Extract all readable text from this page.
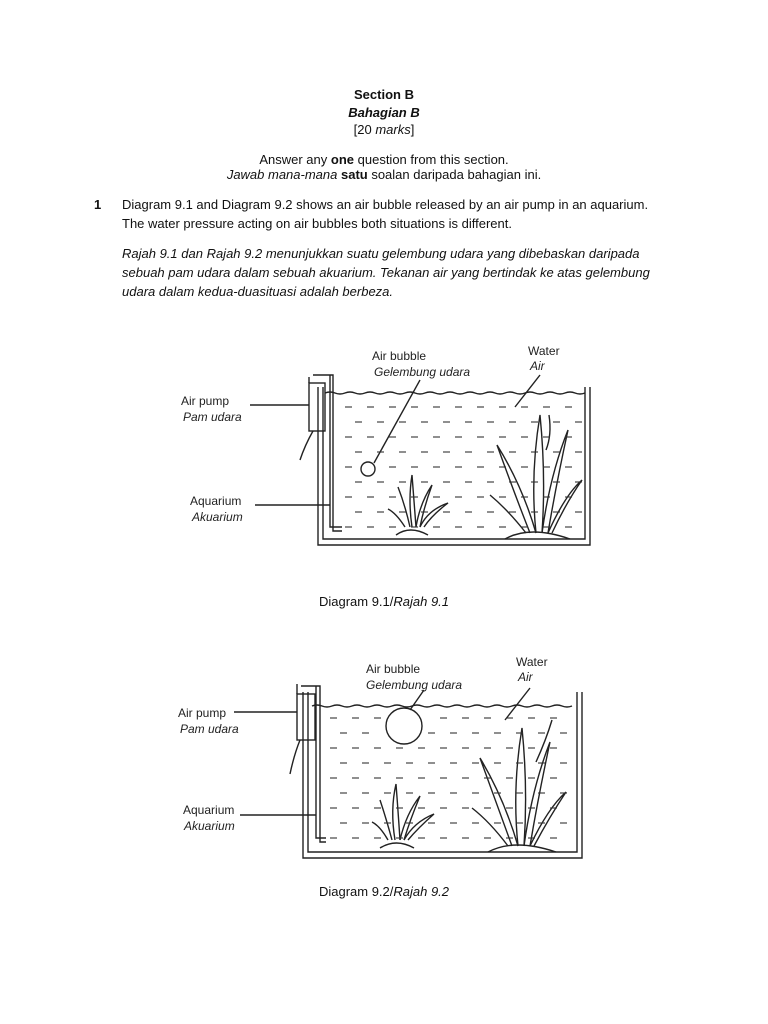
Section B
Bahagian B
[20 marks]
Answer any one question from this section.
Jawab mana-mana satu soalan daripada bahagian ini.
1 Diagram 9.1 and Diagram 9.2 shows an air bubble released by an air pump in an aquarium. The water pressure acting on air bubbles both situations is different.
Rajah 9.1 dan Rajah 9.2 menunjukkan suatu gelembung udara yang dibebaskan daripada sebuah pam udara dalam sebuah akuarium. Tekanan air yang bertindak ke atas gelembung udara dalam kedua-duasituasi adalah berbeza.
Air bubble
Gelembung udara
Water
Air
Air pump
Pam udara
Aquarium
Akuarium
Diagram 9.1/Rajah 9.1
Air bubble
Gelembung udara
Water
Air
Air pump
Pam udara
Aquarium
Akuarium
Diagram 9.2/Rajah 9.2
